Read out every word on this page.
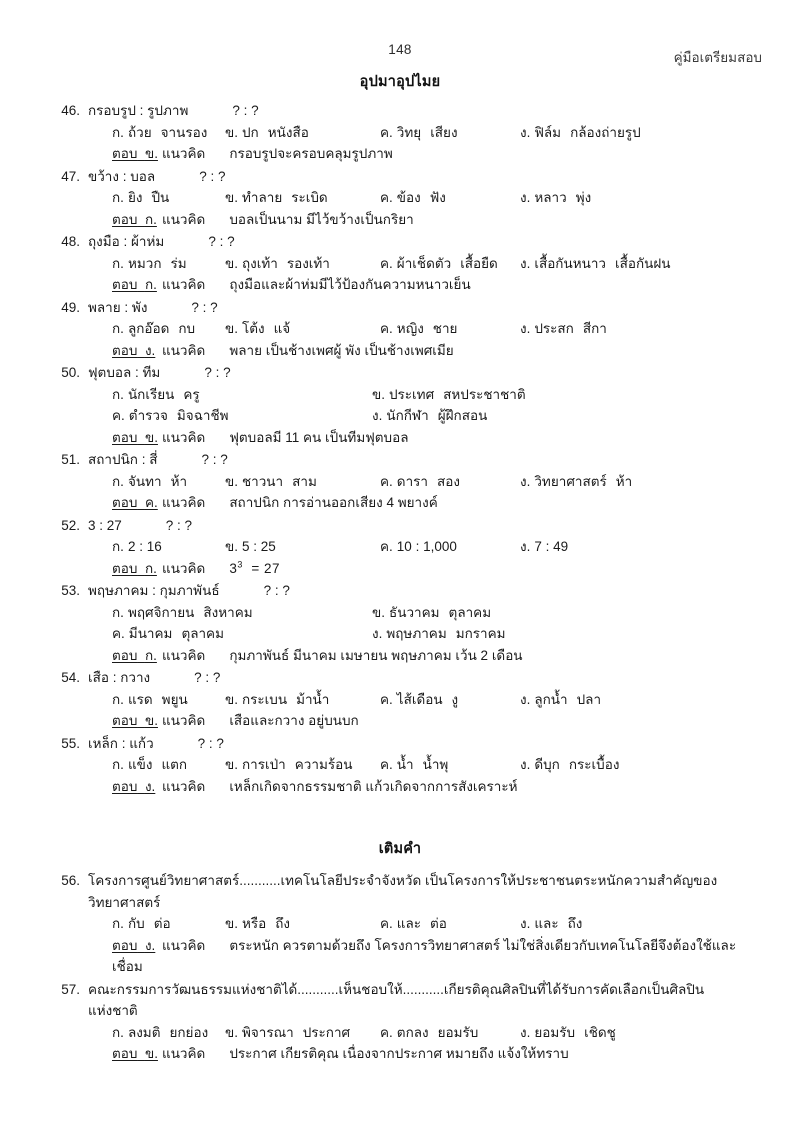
148
คู่มือเตรียมสอบ
อุปมาอุปไมย
46. กรอบรูป : รูปภาพ	? : ?
ก. ถ้วย จานรอง ข. ปก หนังสือ	ค. วิทยุ เสียง	ง. ฟิล์ม กล้องถ่ายรูป
ตอบ ข. แนวคิด กรอบรูปจะครอบคลุมรูปภาพ
47. ขว้าง : บอล	? : ?
ก. ยิง ปืน	ข. ทำลาย ระเบิด	ค. ข้อง ฟัง	ง. หลาว พุ่ง
ตอบ ก. แนวคิด บอลเป็นนาม มีไว้ขว้างเป็นกริยา
48. ถุงมือ : ผ้าห่ม	? : ?
ก. หมวก ร่ม	ข. ถุงเท้า รองเท้า	ค. ผ้าเช็ดตัว เสื้อยืด ง. เสื้อกันหนาว เสื้อกันฝน
ตอบ ก. แนวคิด ถุงมือและผ้าห่มมีไว้ป้องกันความหนาวเย็น
49. พลาย : พัง	? : ?
ก. ลูกอ๊อด กบ ข. โต้ง แจ้	ค. หญิง ชาย	ง. ประสก สีกา
ตอบ ง. แนวคิด พลาย เป็นช้างเพศผู้ พัง เป็นช้างเพศเมีย
50. ฟุตบอล : ทีม	? : ?
ก. นักเรียน ครู	ข. ประเทศ สหประชาชาติ
ค. ตำรวจ มิจฉาชีพ	ง. นักกีฬา ผู้ฝึกสอน
ตอบ ข. แนวคิด ฟุตบอลมี 11 คน เป็นทีมฟุตบอล
51. สถาปนิก : สี่	? : ?
ก. จันทา ห้า	ข. ชาวนา สาม	ค. ดารา สอง	ง. วิทยาศาสตร์ ห้า
ตอบ ค. แนวคิด สถาปนิก การอ่านออกเสียง 4 พยางค์
52. 3 : 27	? : ?
ก. 2 : 16	ข. 5 : 25	ค. 10 : 1,000	ง. 7 : 49
ตอบ ก. แนวคิด $3^3 = 27$
53. พฤษภาคม : กุมภาพันธ์	? : ?
ก. พฤศจิกายน สิงหาคม	ข. ธันวาคม ตุลาคม
ค. มีนาคม ตุลาคม	ง. พฤษภาคม มกราคม
ตอบ ก. แนวคิด กุมภาพันธ์ มีนาคม เมษายน พฤษภาคม เว้น 2 เดือน
54. เสือ : กวาง	? : ?
ก. แรด พยูน	ข. กระเบน ม้าน้ำ	ค. ไส้เดือน งู	ง. ลูกน้ำ ปลา
ตอบ ข. แนวคิด เสือและกวาง อยู่บนบก
55. เหล็ก : แก้ว	? : ?
ก. แข็ง แตก	ข. การเป่า ความร้อน ค. น้ำ น้ำพุ	ง. ดีบุก กระเบื้อง
ตอบ ง. แนวคิด เหล็กเกิดจากธรรมชาติ แก้วเกิดจากการสังเคราะห์
เติมคำ
56. โครงการศูนย์วิทยาศาสตร์...........เทคโนโลยีประจำจังหวัด เป็นโครงการให้ประชาชนตระหนักความสำคัญของ
วิทยาศาสตร์
ก. กับ ต่อ	ข. หรือ ถึง	ค. และ ต่อ	ง. และ ถึง
ตอบ ง. แนวคิด ตระหนัก ควรตามด้วยถึง โครงการวิทยาศาสตร์ ไม่ใช่สิ่งเดียวกับเทคโนโลยีจึงต้องใช้และ
เชื่อม
57. คณะกรรมการวัฒนธรรมแห่งชาติได้...........เห็นชอบให้...........เกียรติคุณศิลปินที่ได้รับการคัดเลือกเป็นศิลปิน
แห่งชาติ
ก. ลงมติ ยกย่อง ข. พิจารณา ประกาศ ค. ตกลง ยอมรับ	ง. ยอมรับ เชิดชู
ตอบ ข. แนวคิด ประกาศ เกียรติคุณ เนื่องจากประกาศ หมายถึง แจ้งให้ทราบ
